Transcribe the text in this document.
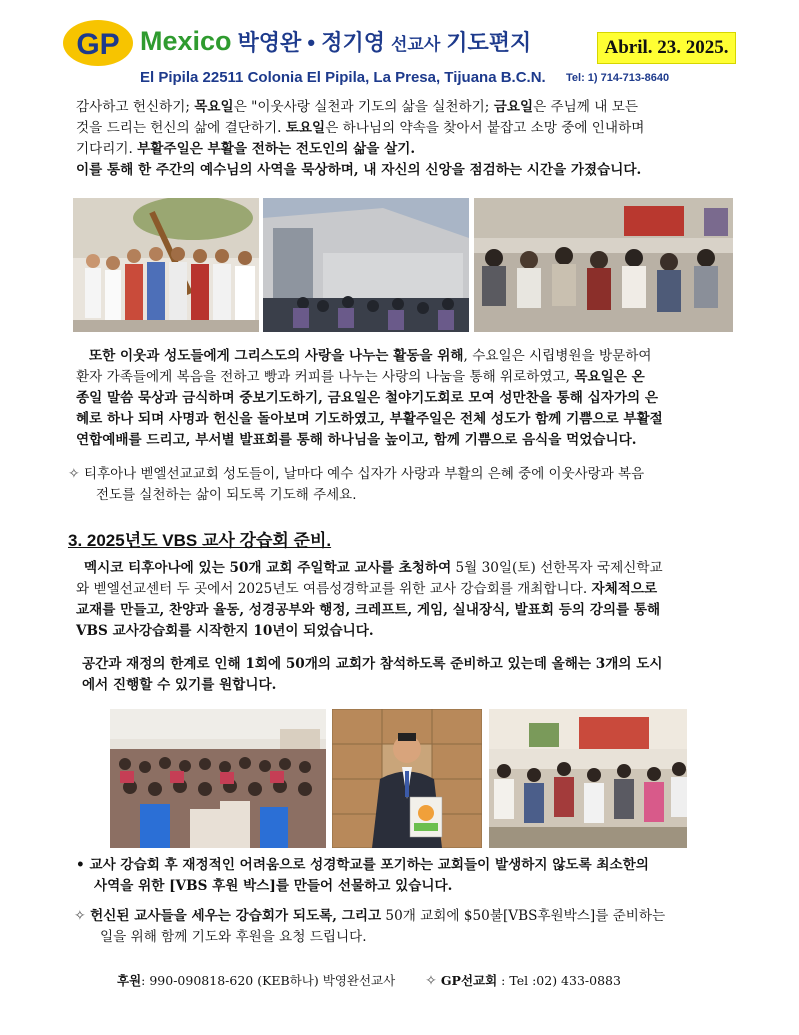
GP Mexico 박영완 • 정기영 선교사 기도편지	Abril. 23. 2025.
El Pipila 22511 Colonia El Pipila, La Presa, Tijuana B.C.N. Tel: 1) 714-713-8640
감사하고 헌신하기; 목요일은 "이웃사랑 실천과 기도의 삶을 실천하기; 금요일은 주님께 내 모든
것을 드리는 헌신의 삶에 결단하기. 토요일은 하나님의 약속을 찾아서 붙잡고 소망 중에 인내하며
기다리기. 부활주일은 부활을 전하는 전도인의 삶을 살기.
이를 통해 한 주간의 예수님의 사역을 묵상하며, 내 자신의 신앙을 점검하는 시간을 가졌습니다.
또한 이웃과 성도들에게 그리스도의 사랑을 나누는 활동을 위해, 수요일은 시립병원을 방문하여
환자 가족들에게 복음을 전하고 빵과 커피를 나누는 사랑의 나눔을 통해 위로하였고, 목요일은 온
종일 말씀 묵상과 금식하며 중보기도하기, 금요일은 철야기도회로 모여 성만찬을 통해 십자가의 은
혜로 하나 되며 사명과 헌신을 돌아보며 기도하였고, 부활주일은 전체 성도가 함께 기쁨으로 부활절
연합예배를 드리고, 부서별 발표회를 통해 하나님을 높이고, 함께 기쁨으로 음식을 먹었습니다.
✧ 티후아나 벧엘선교교회 성도들이, 날마다 예수 십자가 사랑과 부활의 은혜 중에 이웃사랑과 복음
전도를 실천하는 삶이 되도록 기도해 주세요.
3. 2025년도 VBS 교사 강습회 준비.
멕시코 티후아나에 있는 50개 교회 주일학교 교사를 초청하여 5월 30일(토) 선한목자 국제신학교
와 벧엘선교센터 두 곳에서 2025년도 여름성경학교를 위한 교사 강습회를 개최합니다. 자체적으로
교재를 만들고, 찬양과 율동, 성경공부와 행정, 크레프트, 게임, 실내장식, 발표회 등의 강의를 통해
VBS 교사강습회를 시작한지 10년이 되었습니다.
공간과 재정의 한계로 인해 1회에 50개의 교회가 참석하도록 준비하고 있는데 올해는 3개의 도시
에서 진행할 수 있기를 원합니다.
• 교사 강습회 후 재정적인 어려움으로 성경학교를 포기하는 교회들이 발생하지 않도록 최소한의
사역을 위한 [VBS 후원 박스]를 만들어 선물하고 있습니다.
✧ 헌신된 교사들을 세우는 강습회가 되도록, 그리고 50개 교회에 $50불[VBS후원박스]를 준비하는
일을 위해 함께 기도와 후원을 요청 드립니다.
후원: 990-090818-620 (KEB하나) 박영완선교사 ✧ GP선교회 : Tel :02) 433-0883
